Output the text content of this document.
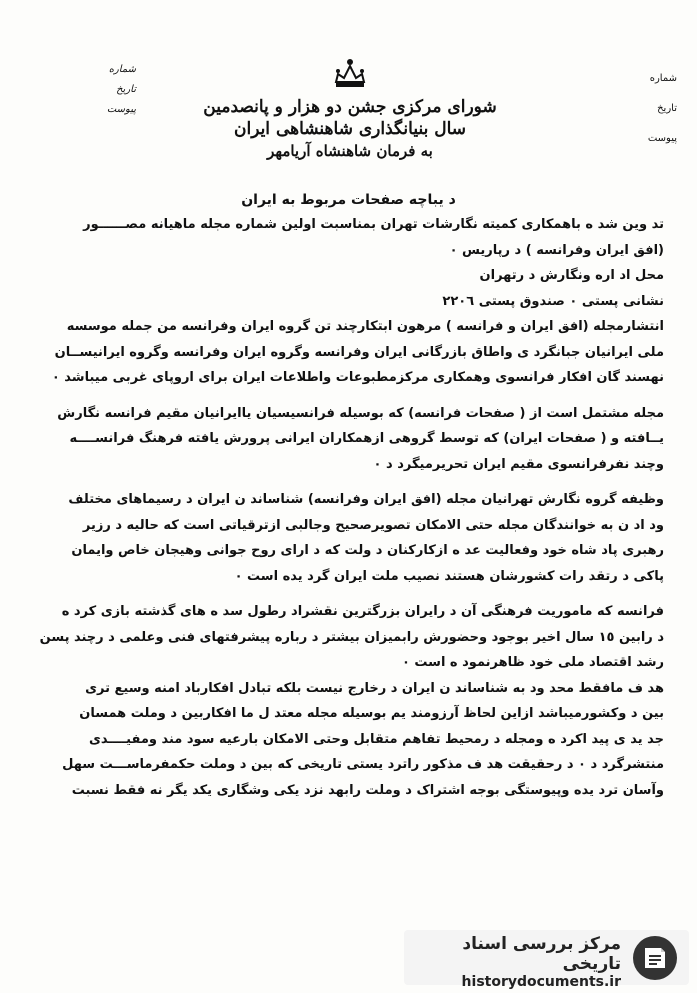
شماره
تاریخ
پیوست
شورای مرکزی جشن دو هزار و پانصدمین سال بنیانگذاری شاهنشاهی ایران
به فرمان شاهنشاه آریامهر
شماره
تاریخ
پیوست
د یباچه صفحات مربوط به ایران
تد وین شد ه باهمکاری کمیته نگارشات تهران بمناسبت اولین شماره مجله ماهیانه مصــــــور
(افق ایران وفرانسه ) د رپاریس ٠
محل اد اره ونگارش د رتهران
نشانی پستی ٠ صندوق پستی ٢٢٠٦
انتشارمجله (افق ایران و فرانسه ) مرهون ابتکارچند تن گروه ایران وفرانسه من جمله موسسه
ملی ایرانیان جبانگرد ی واطاق بازرگانی ایران وفرانسه وگروه ایران وفرانسه وگروه ایرانیســان
نهسند گان افکار فرانسوی وهمکاری مرکزمطبوعات واطلاعات ایران برای اروپای غربی میباشد ٠
مجله مشتمل است از ( صفحات فرانسه) که بوسیله فرانسیسیان یاایرانیان مقیم فرانسه نگارش
یــافته و ( صفحات ایران) که توسط گروهی ازهمکاران ایرانی پرورش یافته فرهنگ فرانســــه
وچند نفرفرانسوی مقیم ایران تحریرمیگرد د ٠
وظیفه گروه نگارش تهرانیان مجله (افق ایران وفرانسه) شناساند ن ایران د رسیماهای مختلف
ود اد ن به خوانندگان مجله حتی الامکان تصویرصحیح وجالبی ازترقیاتی است که حالیه د رزیر
رهبری پاد شاه خود وفعالیت عد ه ازکارکنان د ولت که د ارای روح جوانی وهیجان خاص وایمان
پاکی د رتقد رات کشورشان هستند نصیب ملت ایران گرد یده است ٠
فرانسه که ماموریت فرهنگی آن د رایران بزرگترین نقشراد رطول سد ه های گذشته بازی کرد ه
د رابین ١٥ سال اخیر بوجود وحضورش رابمیزان بیشتر د رباره پیشرفتهای فنی وعلمی د رچند پسن
رشد اقتصاد ملی خود ظاهرنمود ه است ٠
هد ف مافقط محد ود به شناساند ن ایران د رخارج نیست بلکه تبادل افکارباد امنه وسیع تری
بین د وکشورمیباشد ازاین لحاظ آرزومند یم بوسیله مجله معتد ل ما افکاربین د وملت همسان
جد ید ی پید اکرد ه ومجله د رمحیط تفاهم متقابل وحتی الامکان بارعیه سود مند ومفیــــدی
منتشرگرد د ٠ د رحقیقت هد ف مذکور راترد یستی تاریخی که بین د وملت حکمفرماســـت سهل
وآسان ترد یده وپیوستگی بوجه اشتراک د وملت رابهد نزد یکی وشگاری یکد یگر نه فقط نسبت
مرکز بررسی اسناد تاریخی
historydocuments.ir
